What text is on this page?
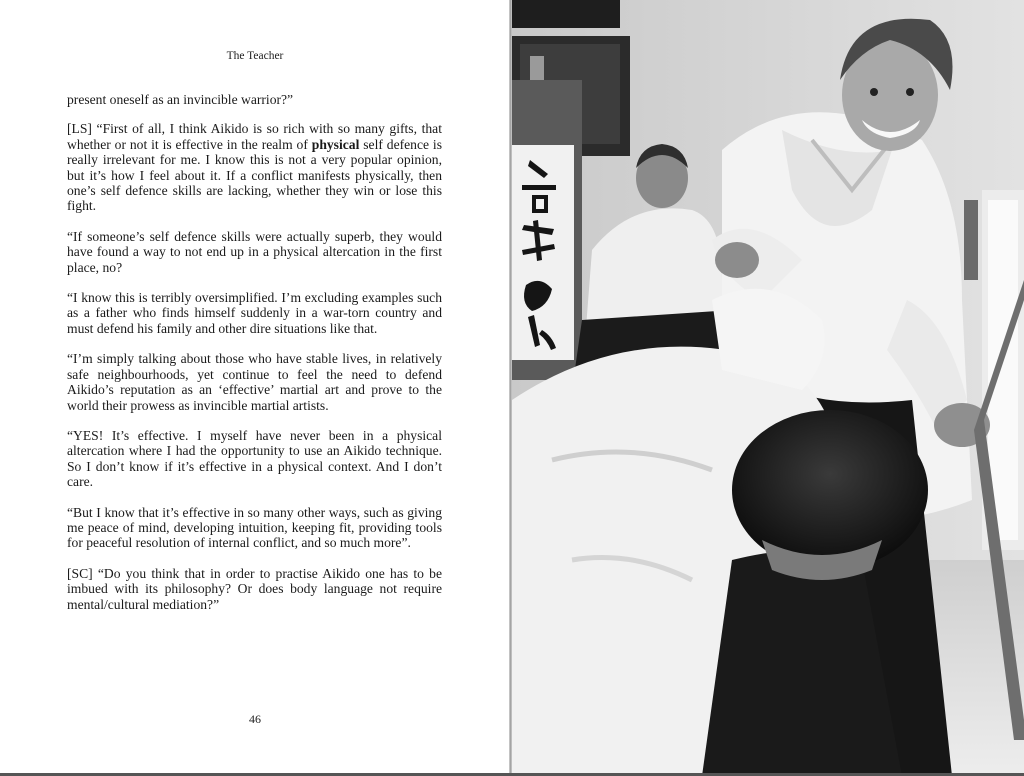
The Teacher

present oneself as an invincible warrior?”

[LS] “First of all, I think Aikido is so rich with so many gifts, that whether or not it is effective in the realm of physical self defence is really irrelevant for me. I know this is not a very popular opinion, but it’s how I feel about it. If a conflict manifests physically, then one’s self defence skills are lacking, whether they win or lose this fight.

“If someone’s self defence skills were actually superb, they would have found a way to not end up in a physical altercation in the first place, no?

“I know this is terribly oversimplified. I’m excluding examples such as a father who finds himself suddenly in a war-torn country and must defend his family and other dire situations like that.

“I’m simply talking about those who have stable lives, in relatively safe neighbourhoods, yet continue to feel the need to defend Aikido’s reputation as an ‘effective’ martial art and prove to the world their prowess as invincible martial artists.

“YES! It’s effective. I myself have never been in a physical altercation where I had the opportunity to use an Aikido technique. So I don’t know if it’s effective in a physical context. And I don’t care.

“But I know that it’s effective in so many other ways, such as giving me peace of mind, developing intuition, keeping fit, providing tools for peaceful resolution of internal conflict, and so much more”.

[SC] “Do you think that in order to practise Aikido one has to be imbued with its philosophy? Or does body language not require mental/cultural mediation?”

46
